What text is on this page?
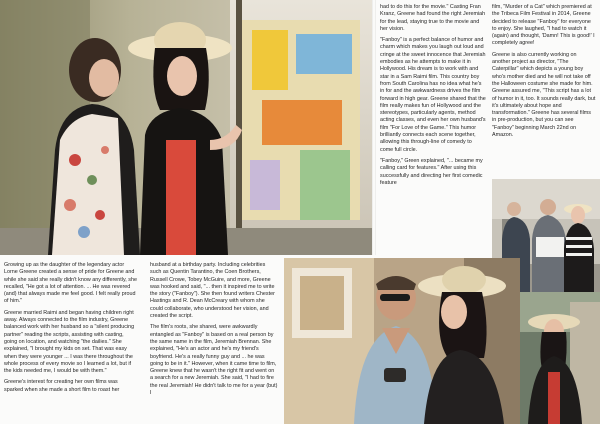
had to do this for the movie." Casting Fran Kranz, Greene had found the right Jeremiah for the lead, staying true to the movie and her vision.

"Fanboy" is a perfect balance of humor and charm which makes you laugh out loud and cringe at the sweet innocence that Jeremiah embodies as he attempts to make it in Hollywood. His dream is to work with and star in a Sam Raimi film. This country boy from South Carolina has no idea what he's in for and the awkwardness drives the film forward in high gear. Greene shared that the film really makes fun of Hollywood and the stereotypes, particularly agents, method acting classes, and even her own husband's film "For Love of the Game." This humor brilliantly connects each scene together, allowing this through-line of comedy to come full circle.

"Fanboy," Green explained, "... became my calling card for features." After using this successfully and directing her first comedic feature

film, "Murder of a Cat" which premiered at the Tribeca Film Festival in 2014, Greene decided to release "Fanboy" for everyone to enjoy. She laughed, "I had to watch it (again) and thought, 'Damn! This is good!' I completely agree!

Greene is also currently working on another project as director, "The Caterpillar" which depicts a young boy who's mother died and he will not take off the Halloween costume she made for him. Greene assured me, "This script has a lot of humor in it, too. It sounds really dark, but it's ultimately about hope and transformation." Greene has several films in pre-production, but you can see "Fanboy" beginning March 22nd on Amazon.

Growing up as the daughter of the legendary actor Lorne Greene created a sense of pride for Greene and while she said she really didn't know any differently, she recalled, "He got a lot of attention. ... He was revered (and) that always made me feel good. I felt really proud of him."

Greene married Raimi and began having children right away. Always connected to the film industry, Greene balanced work with her husband so a "silent producing partner" reading the scripts, assisting with casting, going on location, and watching "the dailies." She explained, "I brought my kids on set. That was easy when they were younger ... I was there throughout the whole process of every movie so I learned a lot, but if the kids needed me, I would be with them."

Greene's interest for creating her own films was sparked when she made a short film to roast her

husband at a birthday party. Including celebrities such as Quentin Tarantino, the Coen Brothers, Russell Crowe, Tobey McGuire, and more, Greene was hooked and said, "... then it inspired me to write the story ("Fanboy"). She then found writers Chester Hastings and R. Dean McCreary with whom she could collaborate, who understood her vision, and created the script.

The film's roots, she shared, were awkwardly entangled as "Fanboy" is based on a real person by the same name in the film, Jeremiah Brennan. She explained, "He's an actor and he's my friend's boyfriend. He's a really funny guy and ... he was going to be in it." However, when it came time to film, Greene knew that he wasn't the right fit and went on a search for a new Jeremiah. She said, "I had to fire the real Jeremiah! He didn't talk to me for a year (but) I
